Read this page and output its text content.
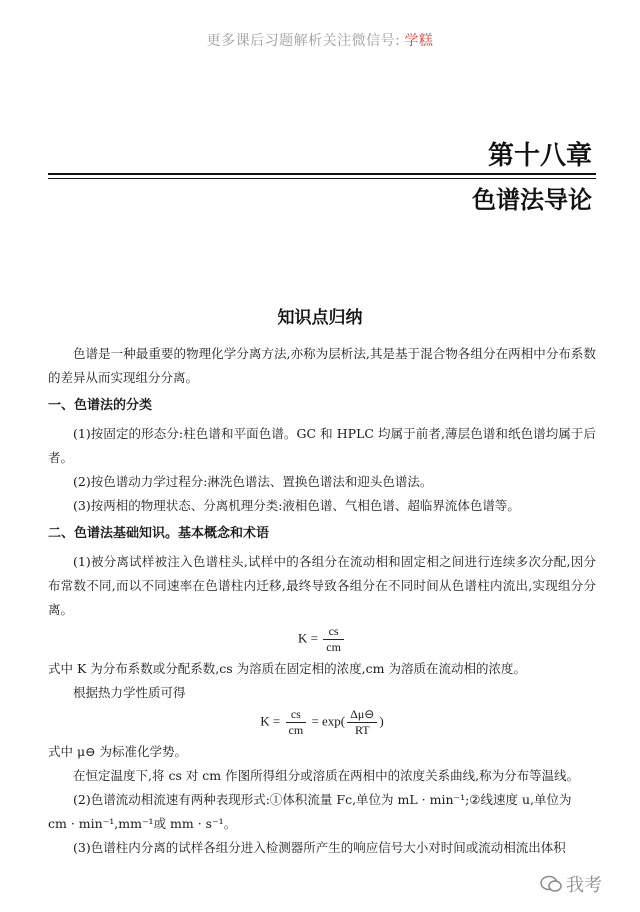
更多课后习题解析关注微信号: 学糕
第十八章
色谱法导论
知识点归纳

色谱是一种最重要的物理化学分离方法,亦称为层析法,其是基于混合物各组分在两相中分布系数的差异从而实现组分分离。

一、色谱法的分类

(1)按固定的形态分:柱色谱和平面色谱。GC 和 HPLC 均属于前者,薄层色谱和纸色谱均属于后者。

(2)按色谱动力学过程分:淋洗色谱法、置换色谱法和迎头色谱法。

(3)按两相的物理状态、分离机理分类:液相色谱、气相色谱、超临界流体色谱等。

二、色谱法基础知识。基本概念和术语

(1)被分离试样被注入色谱柱头,试样中的各组分在流动相和固定相之间进行连续多次分配,因分布常数不同,而以不同速率在色谱柱内迁移,最终导致各组分在不同时间从色谱柱内流出,实现组分分离。

$K = \frac{cs}{cm}$

式中 K 为分布系数或分配系数,cs 为溶质在固定相的浓度,cm 为溶质在流动相的浓度。

根据热力学性质可得

$K = \frac{cs}{cm} = \exp( \frac{\Delta\mu⊖}{RT}$ )

式中 μ⊖ 为标准化学势。

在恒定温度下,将 cs 对 cm 作图所得组分或溶质在两相中的浓度关系曲线,称为分布等温线。

(2)色谱流动相流速有两种表现形式:①体积流量 Fc,单位为 mL · min⁻¹;②线速度 u,单位为

cm · min⁻¹,mm⁻¹或 mm · s⁻¹。

(3)色谱柱内分离的试样各组分进入检测器所产生的响应信号大小对时间或流动相流出体积

我考
